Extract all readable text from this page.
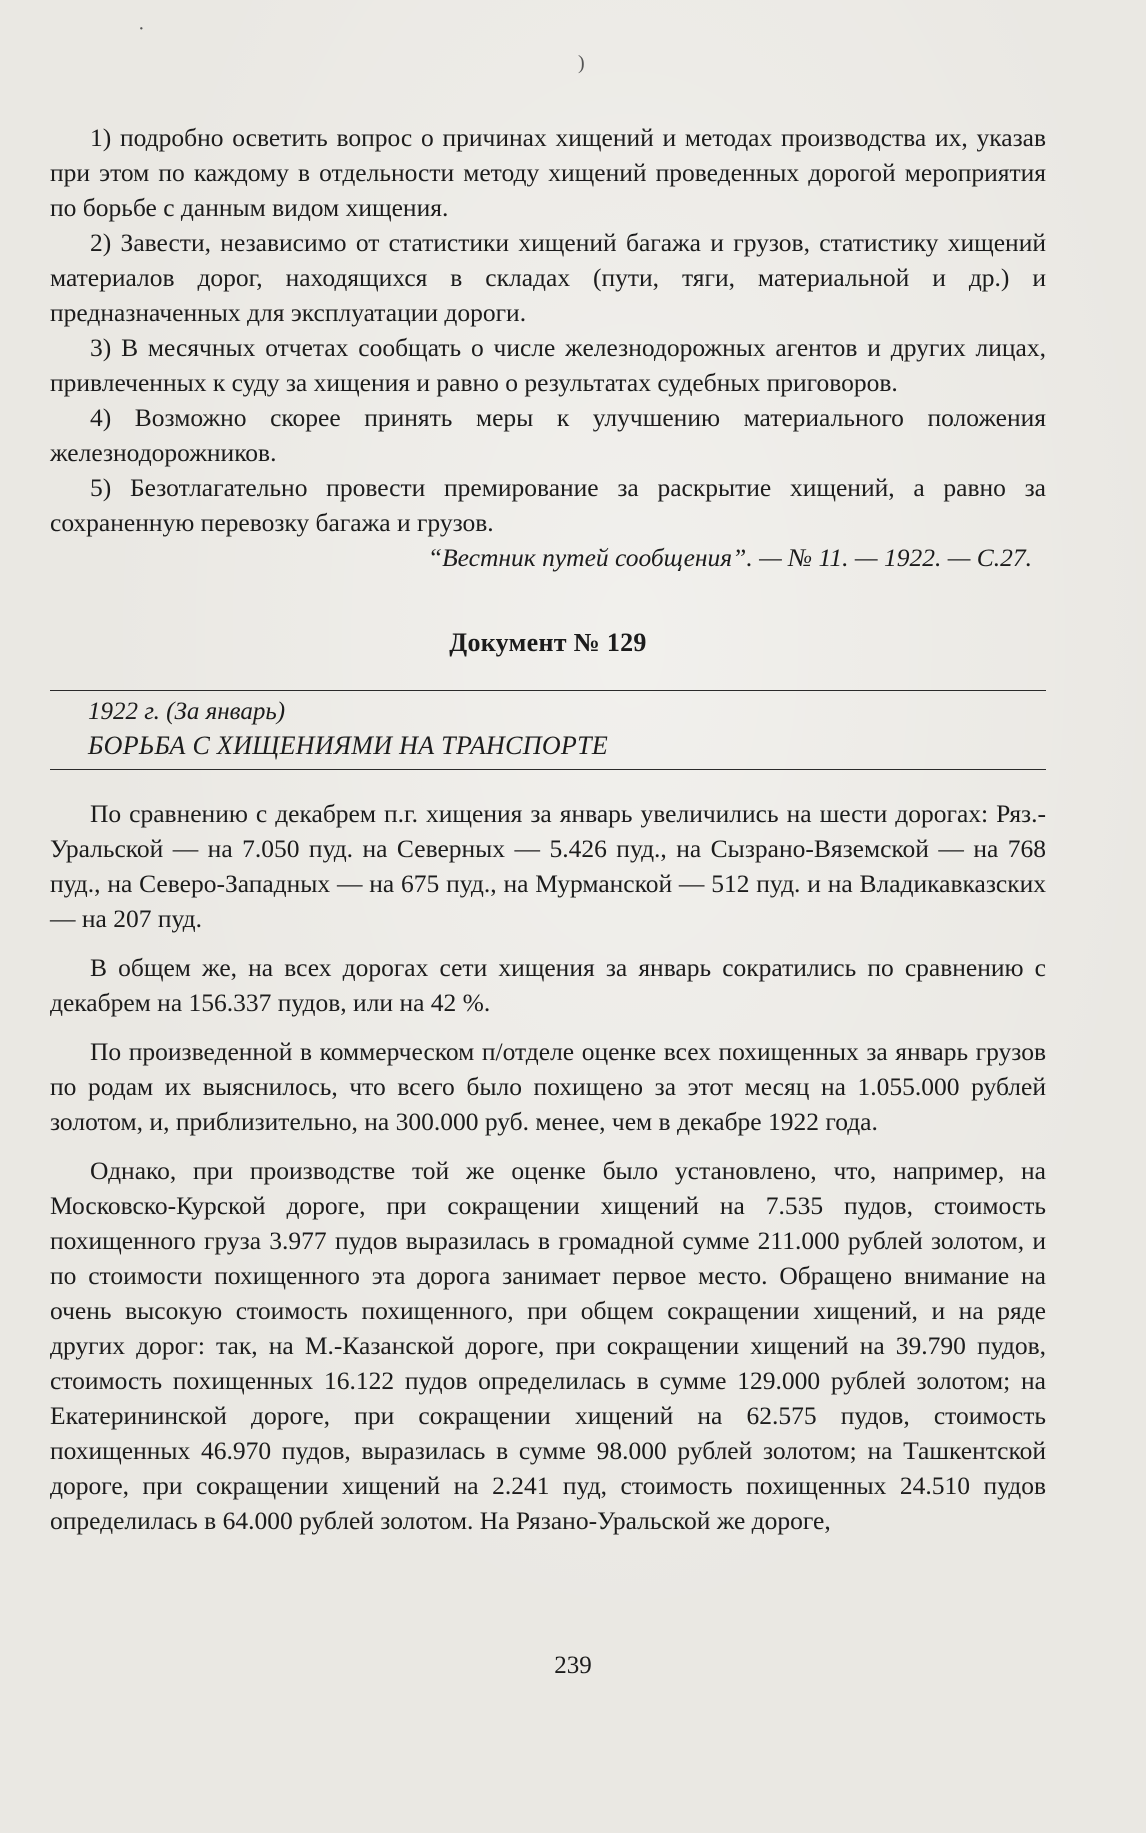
·
)

1) подробно осветить вопрос о причинах хищений и методах производства их, указав при этом по каждому в отдельности методу хищений проведенных дорогой мероприятия по борьбе с данным видом хищения.

2) Завести, независимо от статистики хищений багажа и грузов, статистику хищений материалов дорог, находящихся в складах (пути, тяги, материальной и др.) и предназначенных для эксплуатации дороги.

3) В месячных отчетах сообщать о числе железнодорожных агентов и других лицах, привлеченных к суду за хищения и равно о результатах судебных приговоров.

4) Возможно скорее принять меры к улучшению материального положения железнодорожников.

5) Безотлагательно провести премирование за раскрытие хищений, а равно за сохраненную перевозку багажа и грузов.

“Вестник путей сообщения”. — № 11. — 1922. — С.27.

Документ № 129
1922 г. (За январь)
БОРЬБА С ХИЩЕНИЯМИ НА ТРАНСПОРТЕ

По сравнению с декабрем п.г. хищения за январь увеличились на шести дорогах: Ряз.-Уральской — на 7.050 пуд. на Северных — 5.426 пуд., на Сызрано-Вяземской — на 768 пуд., на Северо-Западных — на 675 пуд., на Мурманской — 512 пуд. и на Владикавказских — на 207 пуд.

В общем же, на всех дорогах сети хищения за январь сократились по сравнению с декабрем на 156.337 пудов, или на 42 %.

По произведенной в коммерческом п/отделе оценке всех похищенных за январь грузов по родам их выяснилось, что всего было похищено за этот месяц на 1.055.000 рублей золотом, и, приблизительно, на 300.000 руб. менее, чем в декабре 1922 года.

Однако, при производстве той же оценке было установлено, что, например, на Московско-Курской дороге, при сокращении хищений на 7.535 пудов, стоимость похищенного груза 3.977 пудов выразилась в громадной сумме 211.000 рублей золотом, и по стоимости похищенного эта дорога занимает первое место. Обращено внимание на очень высокую стоимость похищенного, при общем сокращении хищений, и на ряде других дорог: так, на М.-Казанской дороге, при сокращении хищений на 39.790 пудов, стоимость похищенных 16.122 пудов определилась в сумме 129.000 рублей золотом; на Екатерининской дороге, при сокращении хищений на 62.575 пудов, стоимость похищенных 46.970 пудов, выразилась в сумме 98.000 рублей золотом; на Ташкентской дороге, при сокращении хищений на 2.241 пуд, стоимость похищенных 24.510 пудов определилась в 64.000 рублей золотом. На Рязано-Уральской же дороге,

239
